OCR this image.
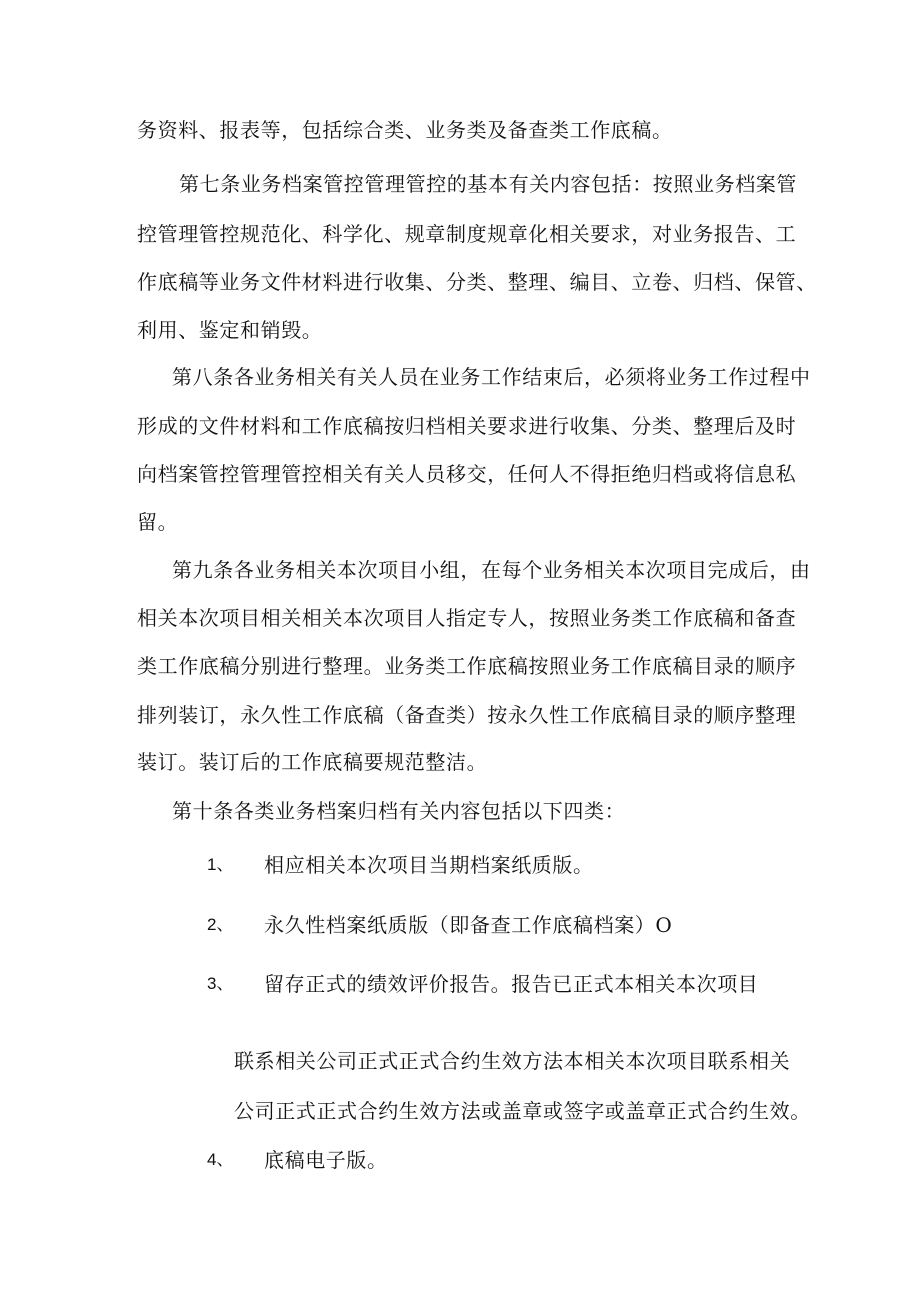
务资料、报表等，包括综合类、业务类及备查类工作底稿。
第七条业务档案管控管理管控的基本有关内容包括：按照业务档案管
控管理管控规范化、科学化、规章制度规章化相关要求，对业务报告、工
作底稿等业务文件材料进行收集、分类、整理、编目、立卷、归档、保管、
利用、鉴定和销毁。
第八条各业务相关有关人员在业务工作结束后，必须将业务工作过程中
形成的文件材料和工作底稿按归档相关要求进行收集、分类、整理后及时
向档案管控管理管控相关有关人员移交，任何人不得拒绝归档或将信息私
留。
第九条各业务相关本次项目小组，在每个业务相关本次项目完成后，由
相关本次项目相关相关本次项目人指定专人，按照业务类工作底稿和备查
类工作底稿分别进行整理。业务类工作底稿按照业务工作底稿目录的顺序
排列装订，永久性工作底稿（备查类）按永久性工作底稿目录的顺序整理
装订。装订后的工作底稿要规范整洁。
第十条各类业务档案归档有关内容包括以下四类：
1、 相应相关本次项目当期档案纸质版。
2、 永久性档案纸质版（即备查工作底稿档案）O
3、 留存正式的绩效评价报告。报告已正式本相关本次项目
联系相关公司正式正式合约生效方法本相关本次项目联系相关
公司正式正式合约生效方法或盖章或签字或盖章正式合约生效。
4、 底稿电子版。
